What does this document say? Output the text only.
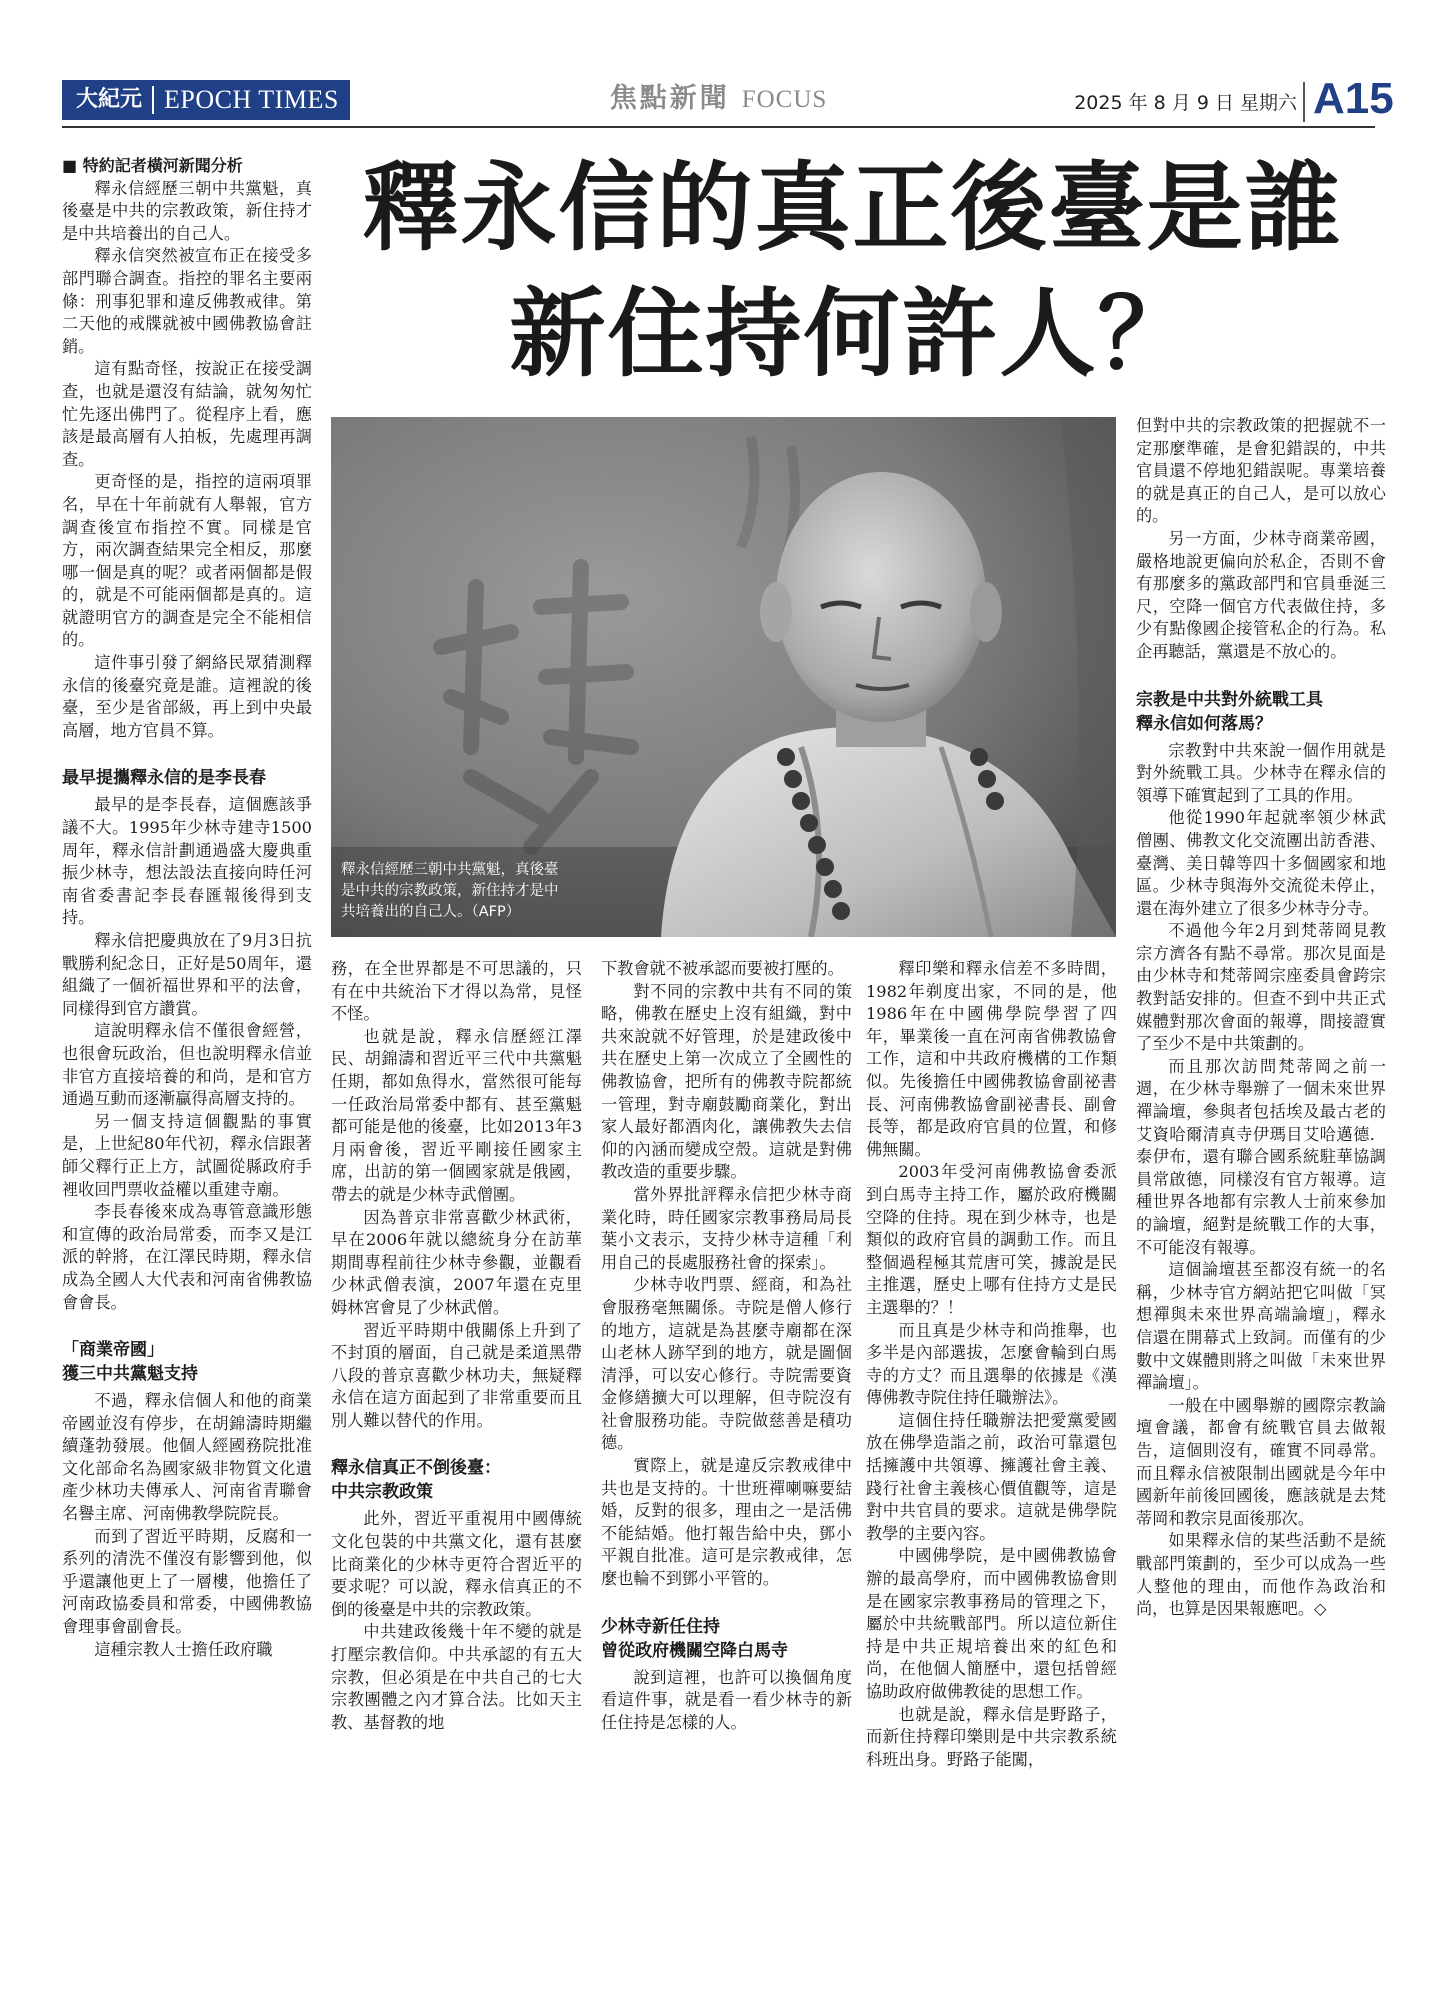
大紀元 EPOCH TIMES	焦點新聞 FOCUS	2025 年 8 月 9 日 星期六 A15
釋永信的真正後臺是誰
新住持何許人？
釋永信經歷三朝中共黨魁，真後臺是中共的宗教政策，新住持才是中共培養出的自己人。（AFP）

■ 特約記者橫河新聞分析

釋永信經歷三朝中共黨魁，真後臺是中共的宗教政策，新住持才是中共培養出的自己人。

釋永信突然被宣布正在接受多部門聯合調查。指控的罪名主要兩條：刑事犯罪和違反佛教戒律。第二天他的戒牒就被中國佛教協會註銷。

這有點奇怪，按說正在接受調查，也就是還沒有結論，就匆匆忙忙先逐出佛門了。從程序上看，應該是最高層有人拍板，先處理再調查。

更奇怪的是，指控的這兩項罪名，早在十年前就有人舉報，官方調查後宣布指控不實。同樣是官方，兩次調查結果完全相反，那麼哪一個是真的呢？或者兩個都是假的，就是不可能兩個都是真的。這就證明官方的調查是完全不能相信的。

這件事引發了網絡民眾猜測釋永信的後臺究竟是誰。這裡說的後臺，至少是省部級，再上到中央最高層，地方官員不算。

最早提攜釋永信的是李長春

最早的是李長春，這個應該爭議不大。1995年少林寺建寺1500周年，釋永信計劃通過盛大慶典重振少林寺，想法設法直接向時任河南省委書記李長春匯報後得到支持。

釋永信把慶典放在了9月3日抗戰勝利紀念日，正好是50周年，還組織了一個祈福世界和平的法會，同樣得到官方讚賞。

這說明釋永信不僅很會經營，也很會玩政治，但也說明釋永信並非官方直接培養的和尚，是和官方通過互動而逐漸贏得高層支持的。

另一個支持這個觀點的事實是，上世紀80年代初，釋永信跟著師父釋行正上方，試圖從縣政府手裡收回門票收益權以重建寺廟。

李長春後來成為專管意識形態和宣傳的政治局常委，而李又是江派的幹將，在江澤民時期，釋永信成為全國人大代表和河南省佛教協會會長。

「商業帝國」

獲三中共黨魁支持

不過，釋永信個人和他的商業帝國並沒有停步，在胡錦濤時期繼續蓬勃發展。他個人經國務院批准文化部命名為國家級非物質文化遺產少林功夫傳承人、河南省青聯會名譽主席、河南佛教學院院長。

而到了習近平時期，反腐和一系列的清洗不僅沒有影響到他，似乎還讓他更上了一層樓，他擔任了河南政協委員和常委，中國佛教協會理事會副會長。

這種宗教人士擔任政府職

務，在全世界都是不可思議的，只有在中共統治下才得以為常，見怪不怪。

也就是說，釋永信歷經江澤民、胡錦濤和習近平三代中共黨魁任期，都如魚得水，當然很可能每一任政治局常委中都有、甚至黨魁都可能是他的後臺，比如2013年3月兩會後，習近平剛接任國家主席，出訪的第一個國家就是俄國，帶去的就是少林寺武僧團。

因為普京非常喜歡少林武術，早在2006年就以總統身分在訪華期間專程前往少林寺參觀，並觀看少林武僧表演，2007年還在克里姆林宮會見了少林武僧。

習近平時期中俄關係上升到了不封頂的層面，自己就是柔道黑帶八段的普京喜歡少林功夫，無疑釋永信在這方面起到了非常重要而且別人難以替代的作用。

釋永信真正不倒後臺：

中共宗教政策

此外，習近平重視用中國傳統文化包裝的中共黨文化，還有甚麼比商業化的少林寺更符合習近平的要求呢？可以說，釋永信真正的不倒的後臺是中共的宗教政策。

中共建政後幾十年不變的就是打壓宗教信仰。中共承認的有五大宗教，但必須是在中共自己的七大宗教團體之內才算合法。比如天主教、基督教的地

下教會就不被承認而要被打壓的。

對不同的宗教中共有不同的策略，佛教在歷史上沒有組織，對中共來說就不好管理，於是建政後中共在歷史上第一次成立了全國性的佛教協會，把所有的佛教寺院都統一管理，對寺廟鼓勵商業化，對出家人最好都酒肉化，讓佛教失去信仰的內涵而變成空殼。這就是對佛教改造的重要步驟。

當外界批評釋永信把少林寺商業化時，時任國家宗教事務局局長葉小文表示，支持少林寺這種「利用自己的長處服務社會的探索」。

少林寺收門票、經商，和為社會服務毫無關係。寺院是僧人修行的地方，這就是為甚麼寺廟都在深山老林人跡罕到的地方，就是圖個清淨，可以安心修行。寺院需要資金修繕擴大可以理解，但寺院沒有社會服務功能。寺院做慈善是積功德。

實際上，就是違反宗教戒律中共也是支持的。十世班禪喇嘛要結婚，反對的很多，理由之一是活佛不能結婚。他打報告給中央，鄧小平親自批准。這可是宗教戒律，怎麼也輪不到鄧小平管的。

少林寺新任住持

曾從政府機關空降白馬寺

說到這裡，也許可以換個角度看這件事，就是看一看少林寺的新任住持是怎樣的人。

釋印樂和釋永信差不多時間，1982年剃度出家，不同的是，他1986年在中國佛學院學習了四年，畢業後一直在河南省佛教協會工作，這和中共政府機構的工作類似。先後擔任中國佛教協會副祕書長、河南佛教協會副祕書長、副會長等，都是政府官員的位置，和修佛無關。

2003年受河南佛教協會委派到白馬寺主持工作，屬於政府機關空降的住持。現在到少林寺，也是類似的政府官員的調動工作。而且整個過程極其荒唐可笑，據說是民主推選，歷史上哪有住持方丈是民主選舉的？！

而且真是少林寺和尚推舉，也多半是內部選拔，怎麼會輪到白馬寺的方丈？而且選舉的依據是《漢傳佛教寺院住持任職辦法》。

這個住持任職辦法把愛黨愛國放在佛學造詣之前，政治可靠還包括擁護中共領導、擁護社會主義、踐行社會主義核心價值觀等，這是對中共官員的要求。這就是佛學院教學的主要內容。

中國佛學院，是中國佛教協會辦的最高學府，而中國佛教協會則是在國家宗教事務局的管理之下，屬於中共統戰部門。所以這位新住持是中共正規培養出來的紅色和尚，在他個人簡歷中，還包括曾經協助政府做佛教徒的思想工作。

也就是說，釋永信是野路子，而新住持釋印樂則是中共宗教系統科班出身。野路子能闖，

但對中共的宗教政策的把握就不一定那麼準確，是會犯錯誤的，中共官員還不停地犯錯誤呢。專業培養的就是真正的自己人，是可以放心的。

另一方面，少林寺商業帝國，嚴格地說更偏向於私企，否則不會有那麼多的黨政部門和官員垂涎三尺，空降一個官方代表做住持，多少有點像國企接管私企的行為。私企再聽話，黨還是不放心的。

宗教是中共對外統戰工具

釋永信如何落馬？

宗教對中共來說一個作用就是對外統戰工具。少林寺在釋永信的領導下確實起到了工具的作用。

他從1990年起就率領少林武僧團、佛教文化交流團出訪香港、臺灣、美日韓等四十多個國家和地區。少林寺與海外交流從未停止，還在海外建立了很多少林寺分寺。

不過他今年2月到梵蒂岡見教宗方濟各有點不尋常。那次見面是由少林寺和梵蒂岡宗座委員會跨宗教對話安排的。但查不到中共正式媒體對那次會面的報導，間接證實了至少不是中共策劃的。

而且那次訪問梵蒂岡之前一週，在少林寺舉辦了一個未來世界禪論壇，參與者包括埃及最古老的艾資哈爾清真寺伊瑪目艾哈邁德．泰伊布，還有聯合國系統駐華協調員常啟德，同樣沒有官方報導。這種世界各地都有宗教人士前來參加的論壇，絕對是統戰工作的大事，不可能沒有報導。

這個論壇甚至都沒有統一的名稱，少林寺官方網站把它叫做「冥想禪與未來世界高端論壇」，釋永信還在開幕式上致詞。而僅有的少數中文媒體則將之叫做「未來世界禪論壇」。

一般在中國舉辦的國際宗教論壇會議，都會有統戰官員去做報告，這個則沒有，確實不同尋常。而且釋永信被限制出國就是今年中國新年前後回國後，應該就是去梵蒂岡和教宗見面後那次。

如果釋永信的某些活動不是統戰部門策劃的，至少可以成為一些人整他的理由，而他作為政治和尚，也算是因果報應吧。◇
